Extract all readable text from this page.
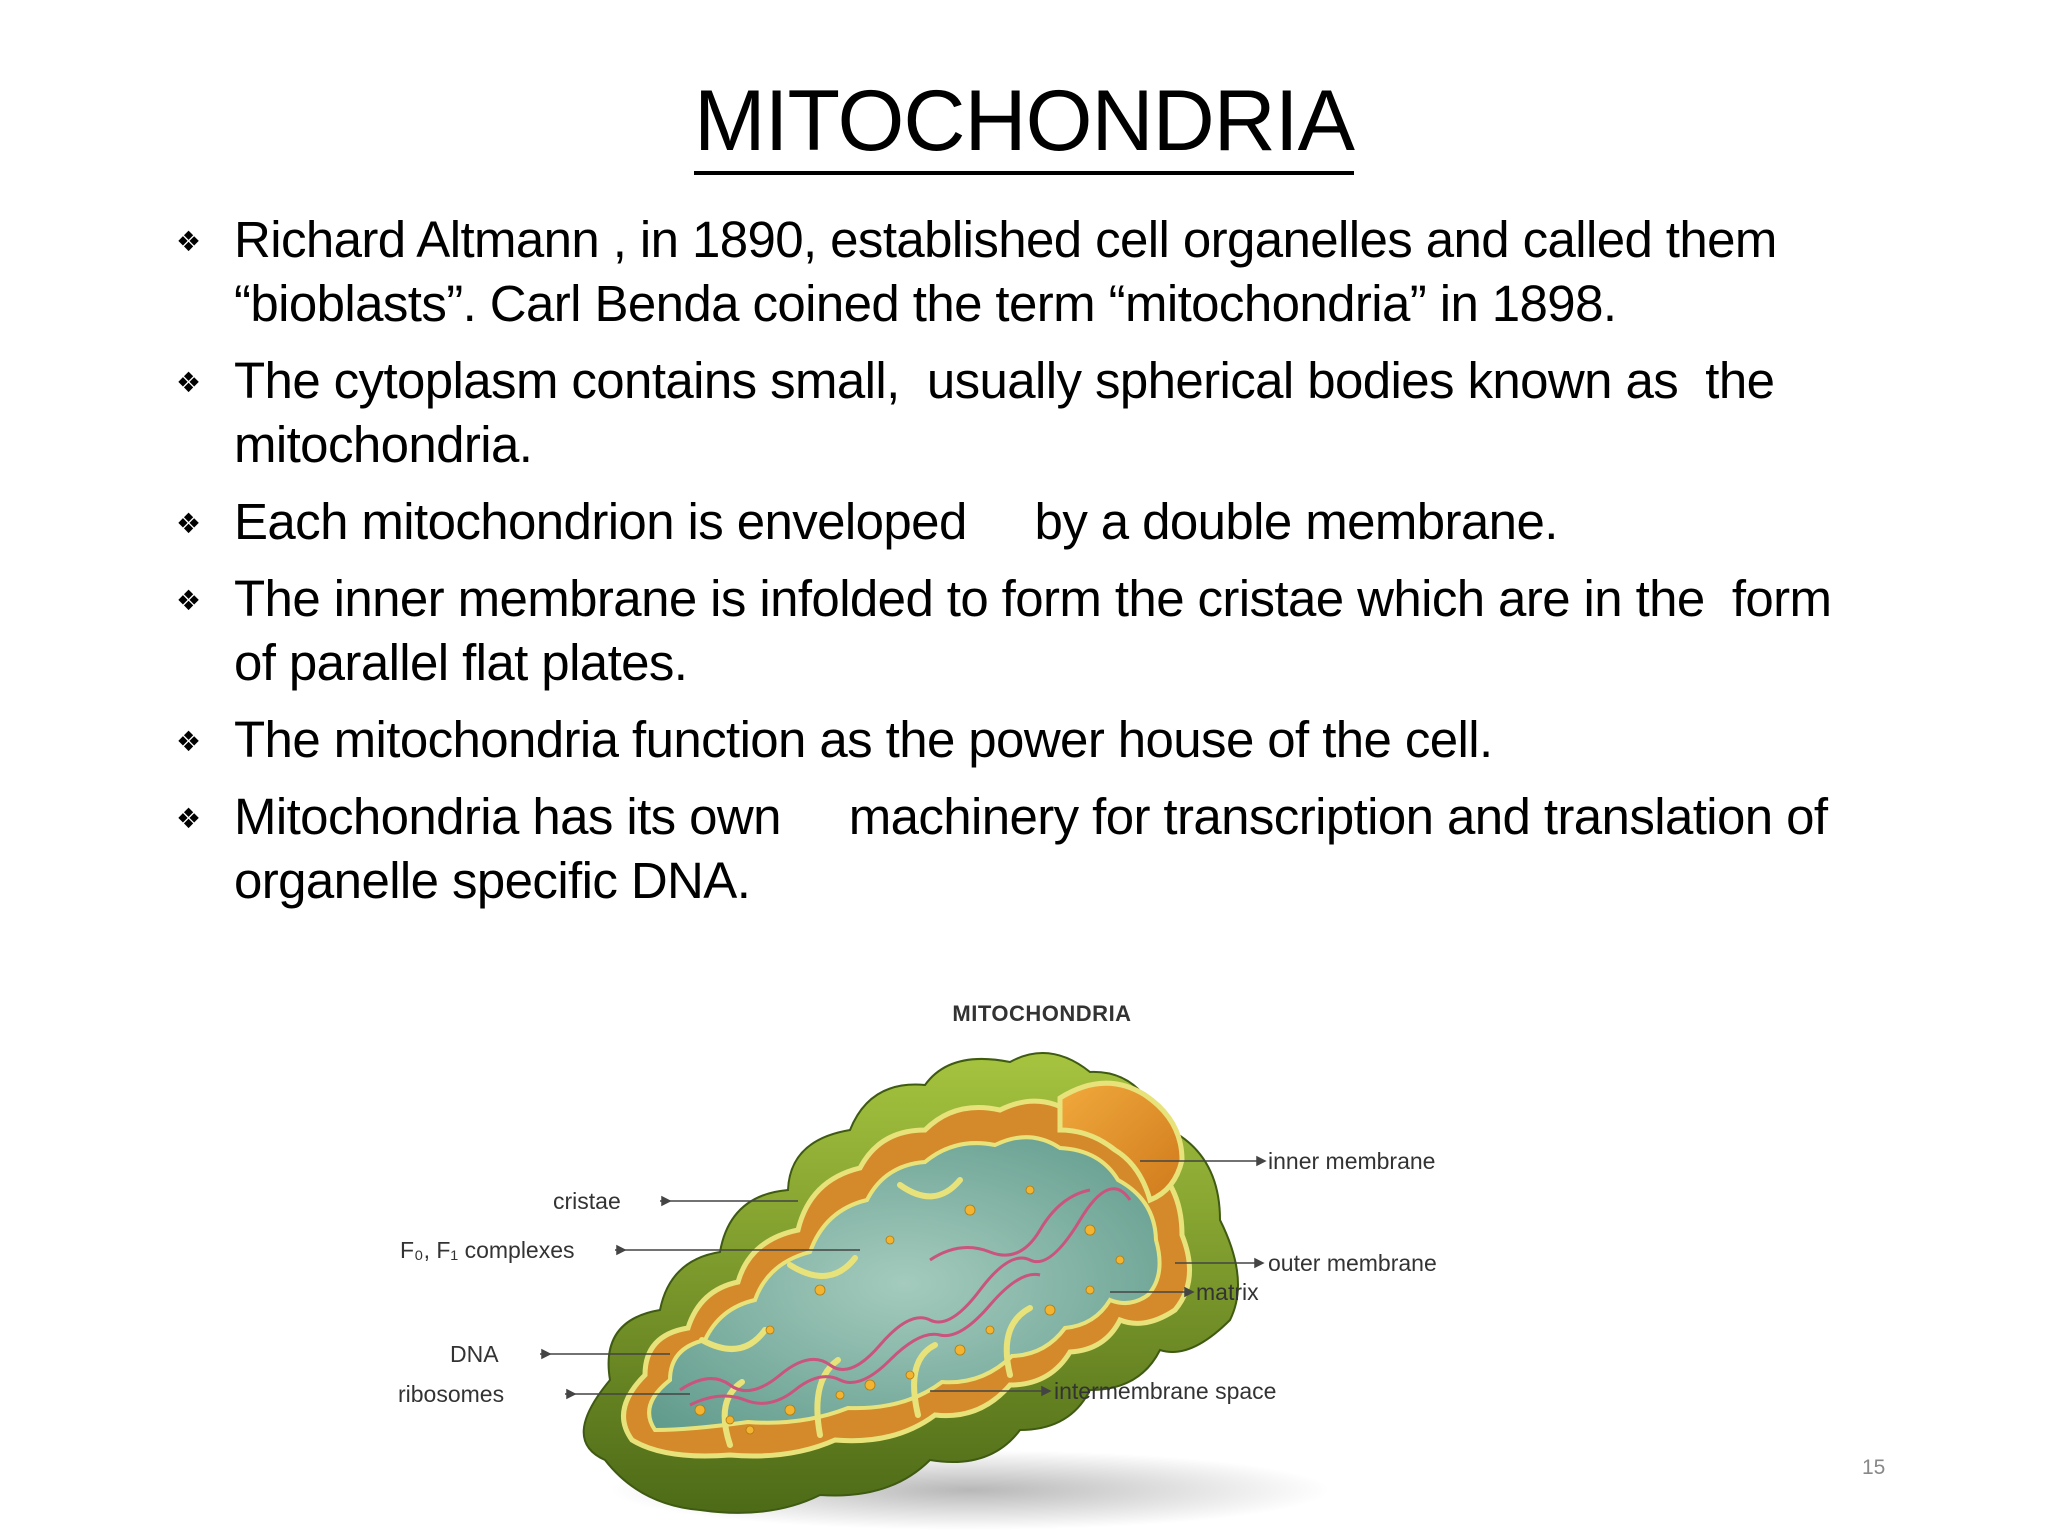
MITOCHONDRIA
❖ Richard Altmann , in 1890, established cell organelles and called them
“bioblasts”. Carl Benda coined the term “mitochondria” in 1898.
❖ The cytoplasm contains small,  usually spherical bodies known as  the
mitochondria.
❖ Each mitochondrion is enveloped     by a double membrane.
❖ The inner membrane is infolded to form the cristae which are in the  form
of parallel flat plates.
❖ The mitochondria function as the power house of the cell.
❖ Mitochondria has its own     machinery for transcription and translation of
organelle specific DNA.
MITOCHONDRIA
inner membrane
cristae
F₀, F₁ complexes	outer membrane
matrix
DNA
ribosomes	intermembrane space
15
